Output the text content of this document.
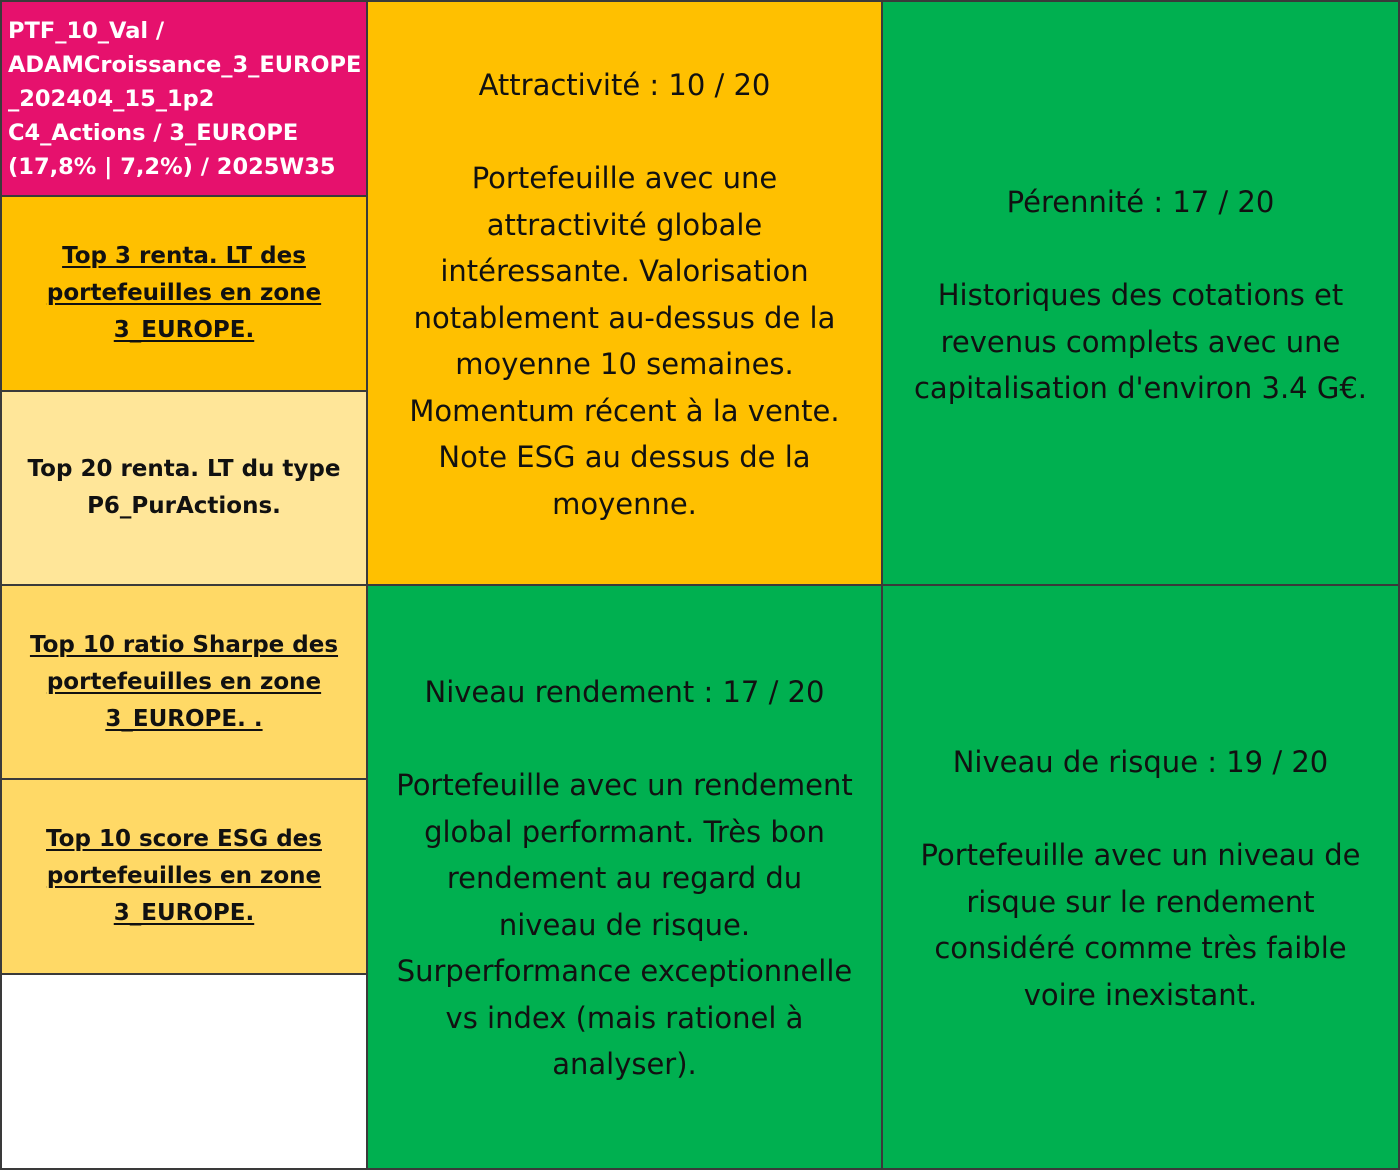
PTF_10_Val /
ADAMCroissance_3_EUROPE
_202404_15_1p2
C4_Actions / 3_EUROPE
(17,8% | 7,2%) / 2025W35
Top 3 renta. LT des
portefeuilles en zone
3_EUROPE.
Top 20 renta. LT du type
P6_PurActions.
Top 10 ratio Sharpe des
portefeuilles en zone
3_EUROPE. .
Top 10 score ESG des
portefeuilles en zone
3_EUROPE.

Attractivité : 10 / 20

Portefeuille avec une

attractivité globale

intéressante. Valorisation

notablement au-dessus de la

moyenne 10 semaines.

Momentum récent à la vente.

Note ESG au dessus de la

moyenne.

Pérennité : 17 / 20

Historiques des cotations et

revenus complets avec une

capitalisation d'environ 3.4 G€.

Niveau rendement : 17 / 20

Portefeuille avec un rendement

global performant. Très bon

rendement au regard du

niveau de risque.

Surperformance exceptionnelle

vs index (mais rationel à

analyser).

Niveau de risque : 19 / 20

Portefeuille avec un niveau de

risque sur le rendement

considéré comme très faible

voire inexistant.
